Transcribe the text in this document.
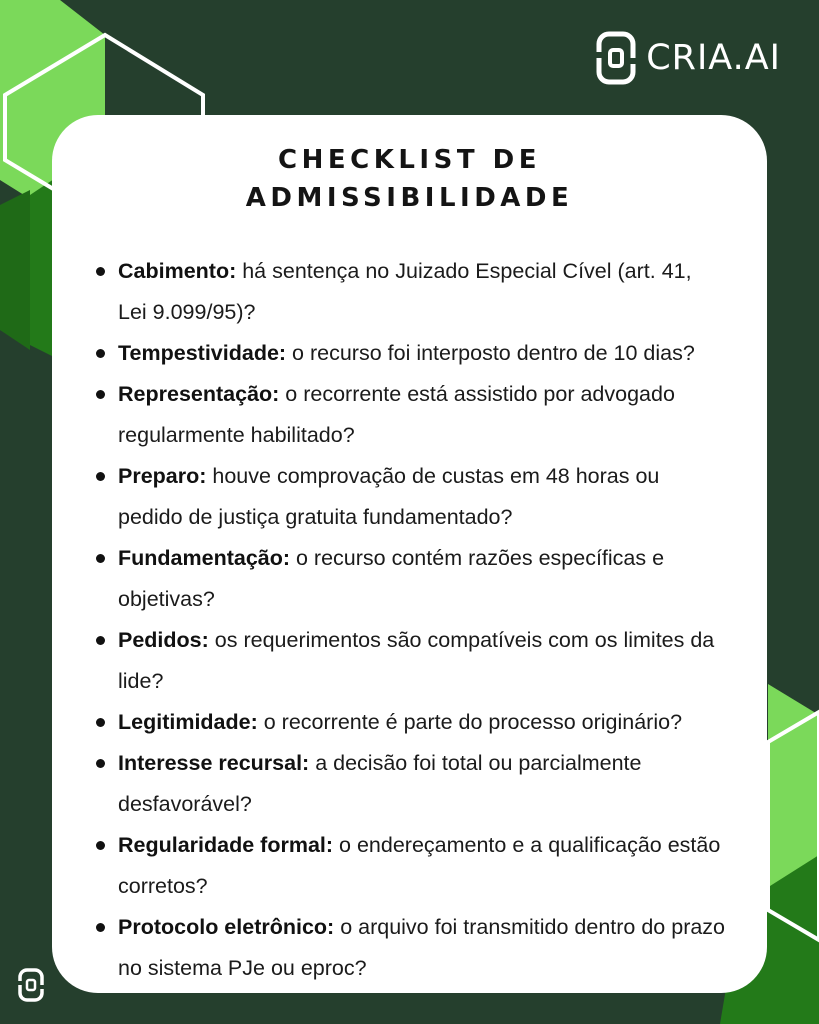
CRIA.AI
CHECKLIST DE
ADMISSIBILIDADE
Cabimento: há sentença no Juizado Especial Cível (art. 41, Lei 9.099/95)?
Tempestividade: o recurso foi interposto dentro de 10 dias?
Representação: o recorrente está assistido por advogado regularmente habilitado?
Preparo: houve comprovação de custas em 48 horas ou pedido de justiça gratuita fundamentado?
Fundamentação: o recurso contém razões específicas e objetivas?
Pedidos: os requerimentos são compatíveis com os limites da lide?
Legitimidade: o recorrente é parte do processo originário?
Interesse recursal: a decisão foi total ou parcialmente desfavorável?
Regularidade formal: o endereçamento e a qualificação estão corretos?
Protocolo eletrônico: o arquivo foi transmitido dentro do prazo no sistema PJe ou eproc?
